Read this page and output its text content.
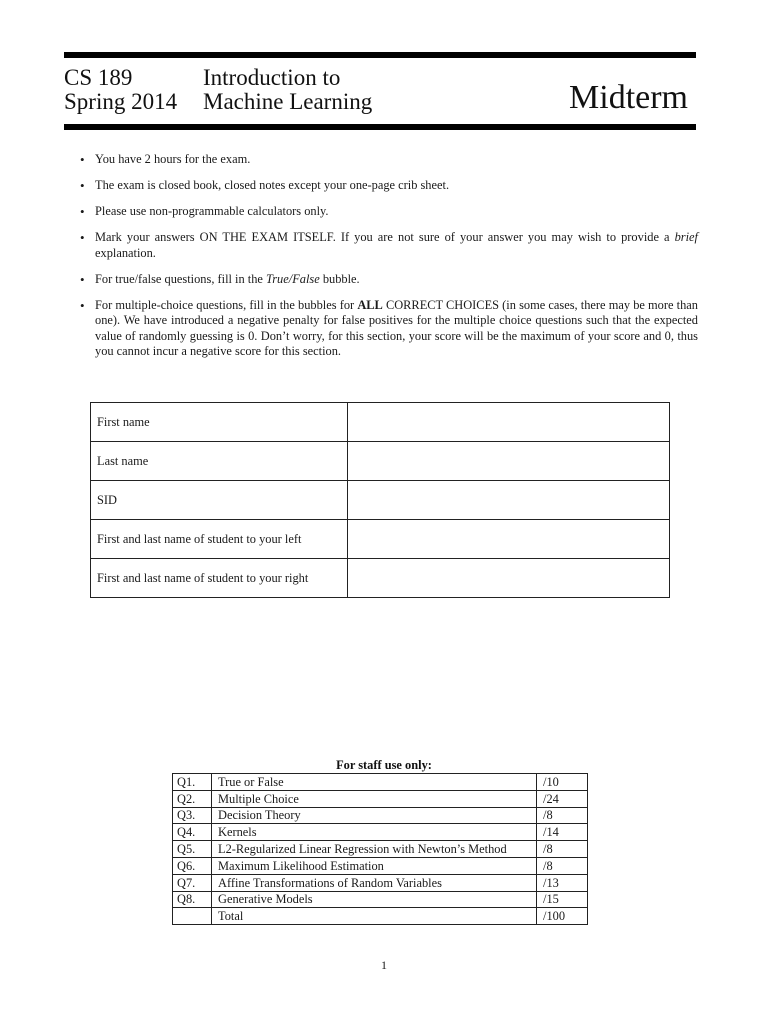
CS 189
Spring 2014
Introduction to
Machine Learning	Midterm
• You have 2 hours for the exam.
• The exam is closed book, closed notes except your one-page crib sheet.
• Please use non-programmable calculators only.
• Mark your answers ON THE EXAM ITSELF. If you are not sure of your answer you may wish to provide a brief explanation.
• For true/false questions, fill in the True/False bubble.
• For multiple-choice questions, fill in the bubbles for ALL CORRECT CHOICES (in some cases, there may be more than one). We have introduced a negative penalty for false positives for the multiple choice questions such that the expected value of randomly guessing is 0. Don’t worry, for this section, your score will be the maximum of your score and 0, thus you cannot incur a negative score for this section.
First name	
Last name	
SID	
First and last name of student to your left	
First and last name of student to your right	
For staff use only:
Q1.	True or False	/10
Q2.	Multiple Choice	/24
Q3.	Decision Theory	/8
Q4.	Kernels	/14
Q5.	L2-Regularized Linear Regression with Newton’s Method	/8
Q6.	Maximum Likelihood Estimation	/8
Q7.	Affine Transformations of Random Variables	/13
Q8.	Generative Models	/15
	Total	/100
1
